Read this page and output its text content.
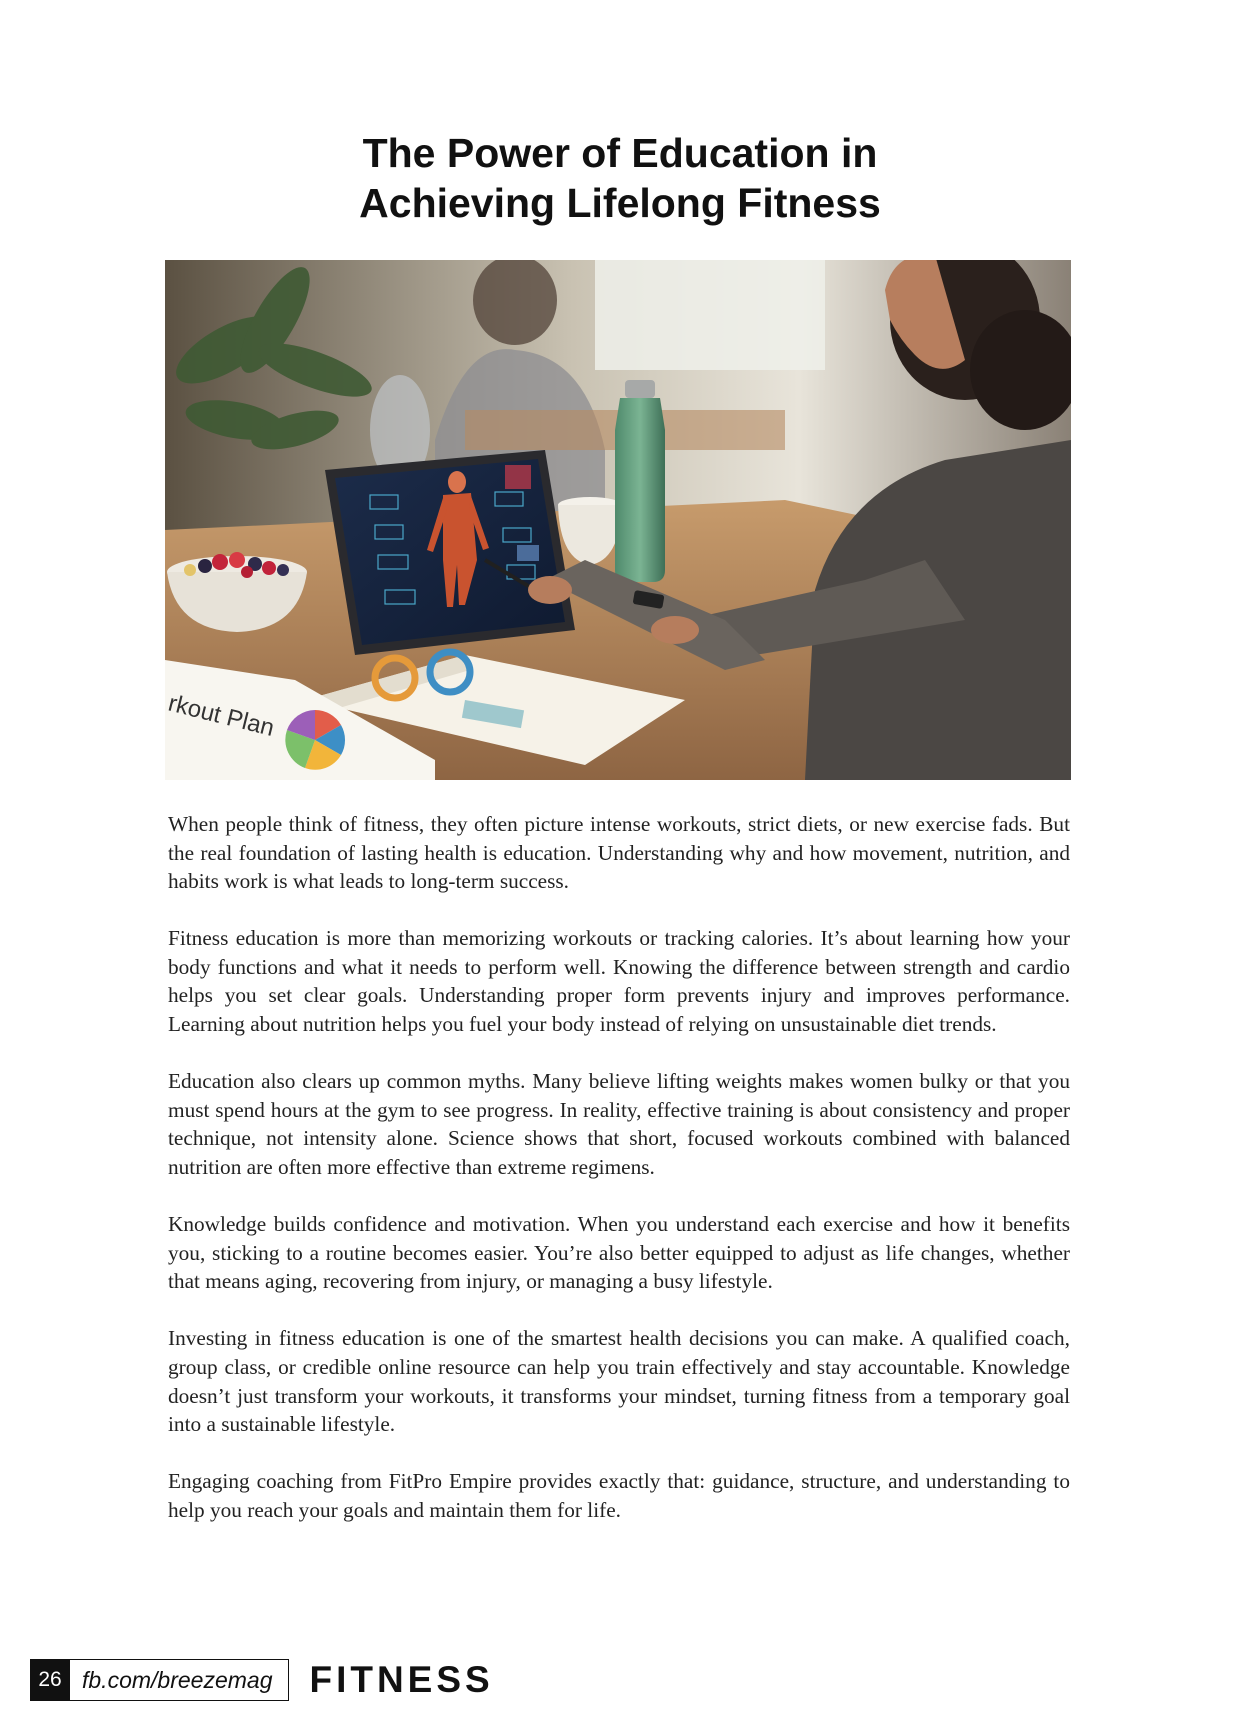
The Power of Education in
Achieving Lifelong Fitness
rkout Plan

When people think of fitness, they often picture intense workouts, strict diets, or new exercise fads. But the real foundation of lasting health is education. Understanding why and how movement, nutrition, and habits work is what leads to long-term success.

Fitness education is more than memorizing workouts or tracking calories. It’s about learning how your body functions and what it needs to perform well. Knowing the difference between strength and cardio helps you set clear goals. Understanding proper form prevents injury and improves performance. Learning about nutrition helps you fuel your body instead of relying on unsustainable diet trends.

Education also clears up common myths. Many believe lifting weights makes women bulky or that you must spend hours at the gym to see progress. In reality, effective training is about consistency and proper technique, not intensity alone. Science shows that short, focused workouts combined with balanced nutrition are often more effective than extreme regimens.

Knowledge builds confidence and motivation. When you understand each exercise and how it benefits you, sticking to a routine becomes easier. You’re also better equipped to adjust as life changes, whether that means aging, recovering from injury, or managing a busy lifestyle.

Investing in fitness education is one of the smartest health decisions you can make. A qualified coach, group class, or credible online resource can help you train effectively and stay accountable. Knowledge doesn’t just transform your workouts, it transforms your mindset, turning fitness from a temporary goal into a sustainable lifestyle.

Engaging coaching from FitPro Empire provides exactly that: guidance, structure, and understanding to help you reach your goals and maintain them for life.

26 fb.com/breezemag	FITNESS
